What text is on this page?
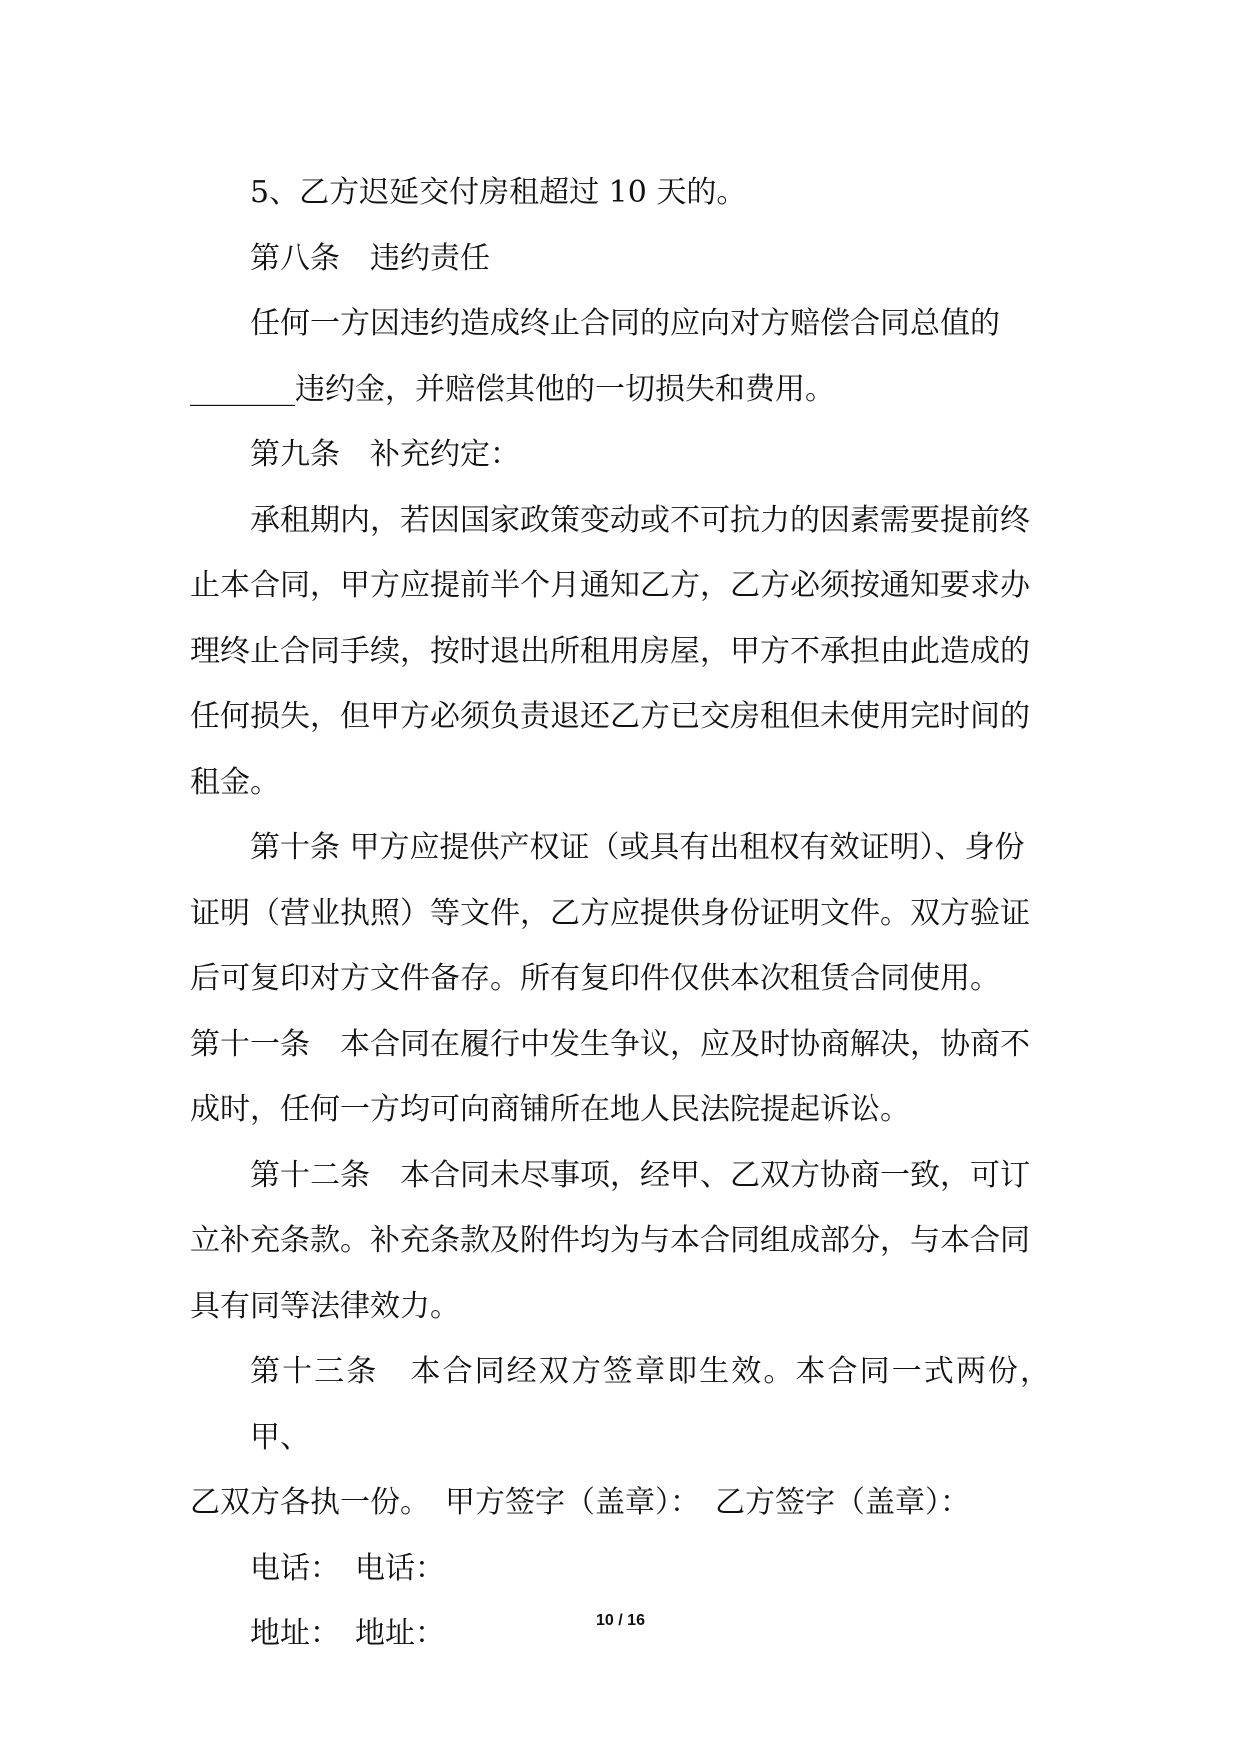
5、乙方迟延交付房租超过 10 天的。

第八条　违约责任

任何一方因违约造成终止合同的应向对方赔偿合同总值的
_______违约金，并赔偿其他的一切损失和费用。

第九条　补充约定：

承租期内，若因国家政策变动或不可抗力的因素需要提前终
止本合同，甲方应提前半个月通知乙方，乙方必须按通知要求办
理终止合同手续，按时退出所租用房屋，甲方不承担由此造成的
任何损失，但甲方必须负责退还乙方已交房租但未使用完时间的
租金。

第十条 甲方应提供产权证（或具有出租权有效证明）、身份
证明（营业执照）等文件，乙方应提供身份证明文件。双方验证
后可复印对方文件备存。所有复印件仅供本次租赁合同使用。
第十一条　本合同在履行中发生争议，应及时协商解决，协商不
成时，任何一方均可向商铺所在地人民法院提起诉讼。

第十二条　本合同未尽事项，经甲、乙双方协商一致，可订
立补充条款。补充条款及附件均为与本合同组成部分，与本合同
具有同等法律效力。

第十三条　本合同经双方签章即生效。本合同一式两份，甲、
乙双方各执一份。　甲方签字（盖章）：　乙方签字（盖章）：

电话：　电话：

地址：　地址：	10 / 16
